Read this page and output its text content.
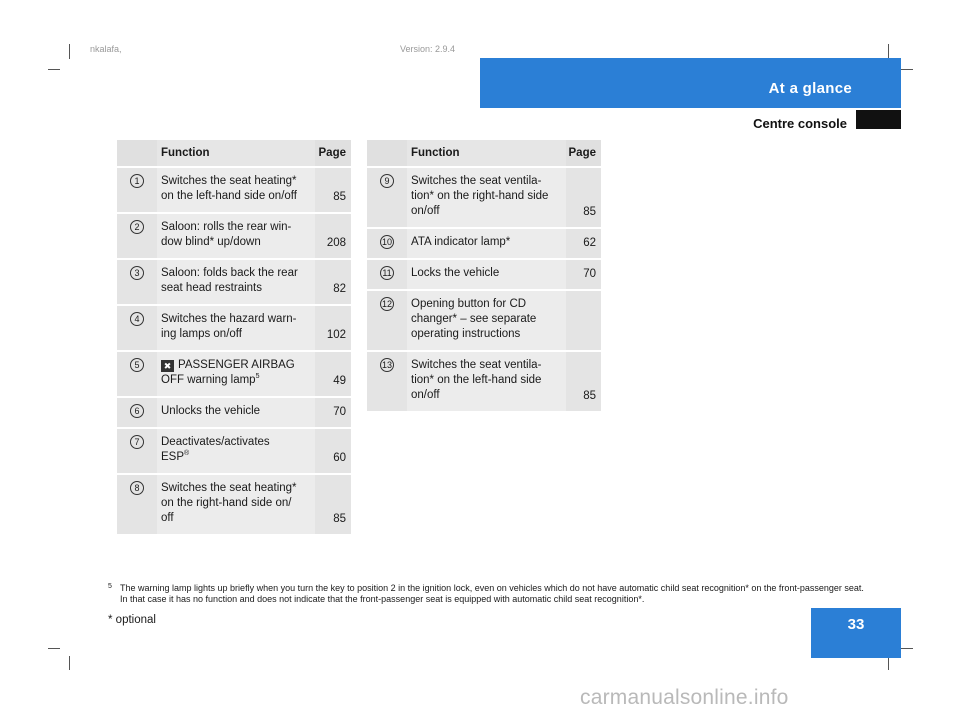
nkalafa,	Version: 2.9.4
At a glance
Centre console
	Function	Page
1	Switches the seat heating*
on the left-hand side on/off	85
2	Saloon: rolls the rear win-
dow blind* up/down	208
3	Saloon: folds back the rear
seat head restraints	82
4	Switches the hazard warn-
ing lamps on/off	102
5	✖ PASSENGER AIRBAG
OFF warning lamp$^5$	49
6	Unlocks the vehicle	70
7	Deactivates/activates
ESP®	60
8	Switches the seat heating*
on the right-hand side on/
off	85
	Function	Page
9	Switches the seat ventila-
tion* on the right-hand side
on/off	85
10	ATA indicator lamp*	62
11	Locks the vehicle	70
12	Opening button for CD
changer* – see separate
operating instructions	

13	Switches the seat ventila-
tion* on the left-hand side
on/off	85
5 The warning lamp lights up briefly when you turn the key to position 2 in the ignition lock, even on vehicles which do not have automatic child seat recognition* on the front-passenger seat. In that case it has no function and does not indicate that the front-passenger seat is equipped with automatic child seat recognition*.
* optional	33
carmanualsonline.info
